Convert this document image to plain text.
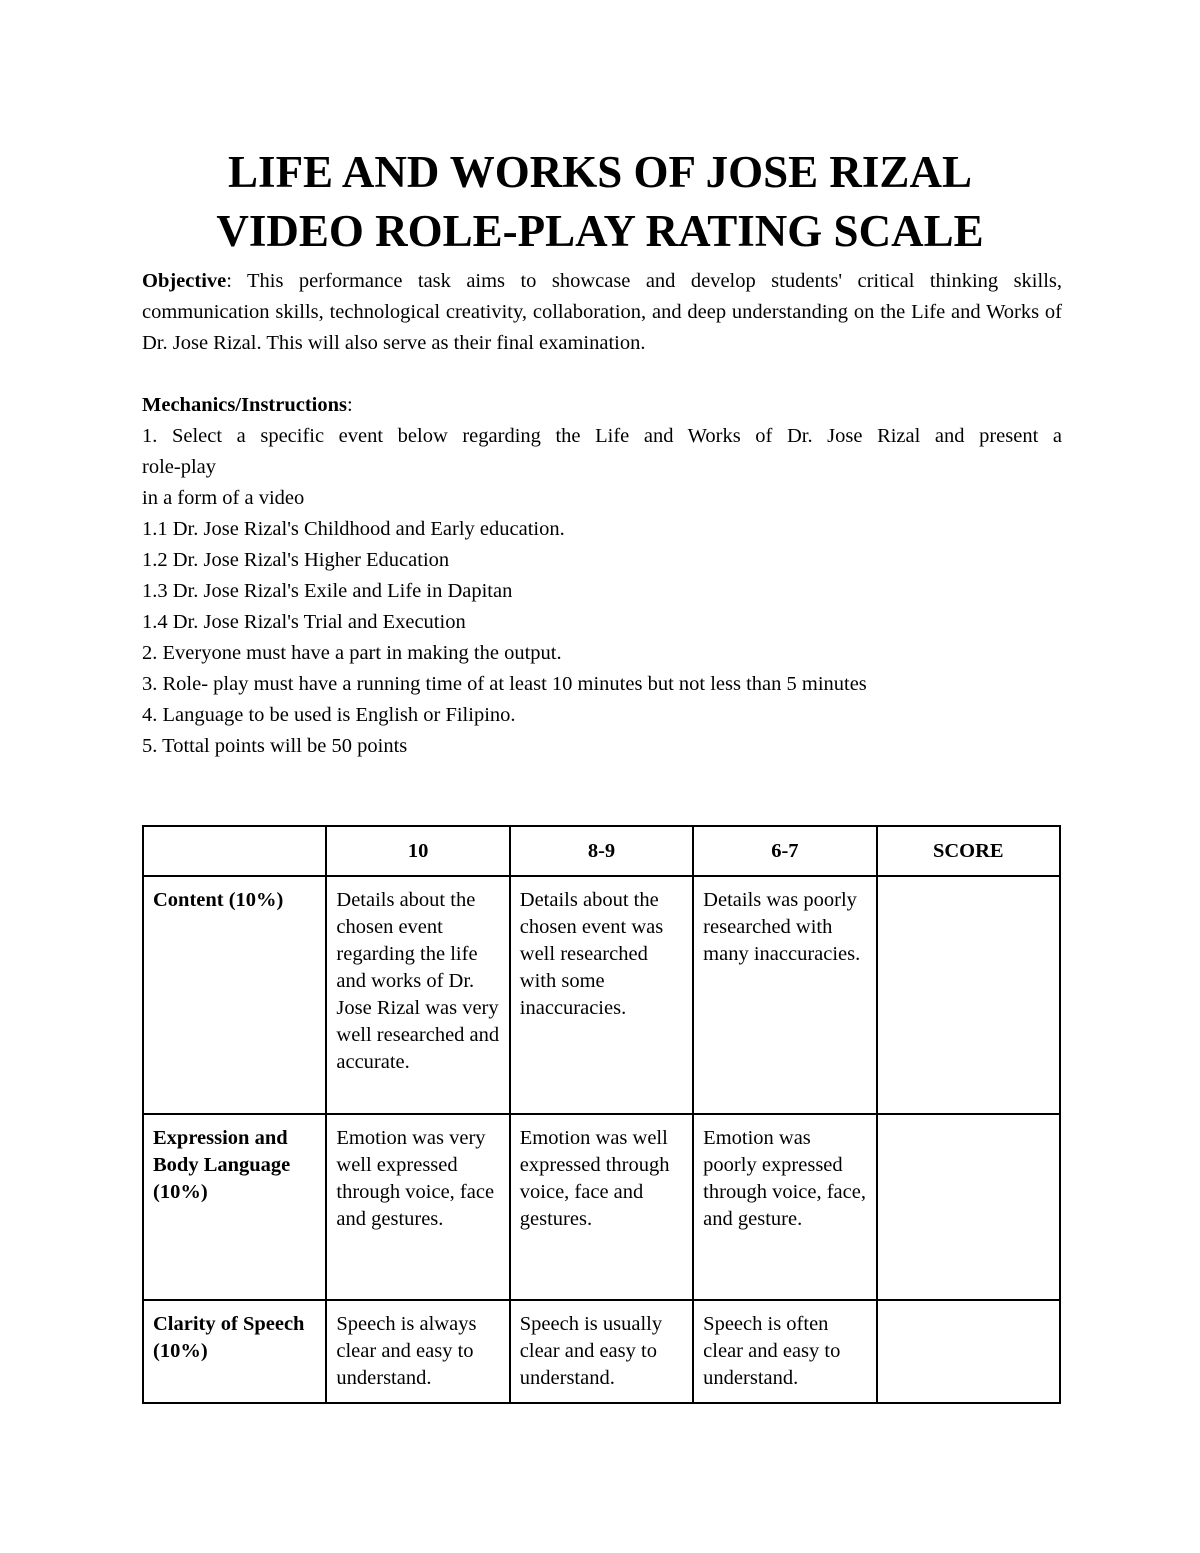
LIFE AND WORKS OF JOSE RIZAL
VIDEO ROLE-PLAY RATING SCALE

Objective: This performance task aims to showcase and develop students' critical thinking skills, communication skills, technological creativity, collaboration, and deep understanding on the Life and Works of Dr. Jose Rizal. This will also serve as their final examination.

Mechanics/Instructions:
1. Select a specific event below regarding the Life and Works of Dr. Jose Rizal and present a
role-play
in a form of a video
1.1 Dr. Jose Rizal's Childhood and Early education.
1.2 Dr. Jose Rizal's Higher Education
1.3 Dr. Jose Rizal's Exile and Life in Dapitan
1.4 Dr. Jose Rizal's Trial and Execution
2. Everyone must have a part in making the output.
3. Role- play must have a running time of at least 10 minutes but not less than 5 minutes
4. Language to be used is English or Filipino.
5. Tottal points will be 50 points
	10	8-9	6-7	SCORE
Content (10%)	Details about the chosen event regarding the life and works of Dr. Jose Rizal was very well researched and accurate.	Details about the chosen event was well researched with some inaccuracies.	Details was poorly researched with many inaccuracies.	
Expression and Body Language (10%)	Emotion was very well expressed through voice, face and gestures.	Emotion was well expressed through voice, face and gestures.	Emotion was poorly expressed through voice, face, and gesture.	
Clarity of Speech (10%)	Speech is always clear and easy to understand.	Speech is usually clear and easy to understand.	Speech is often clear and easy to understand.	
